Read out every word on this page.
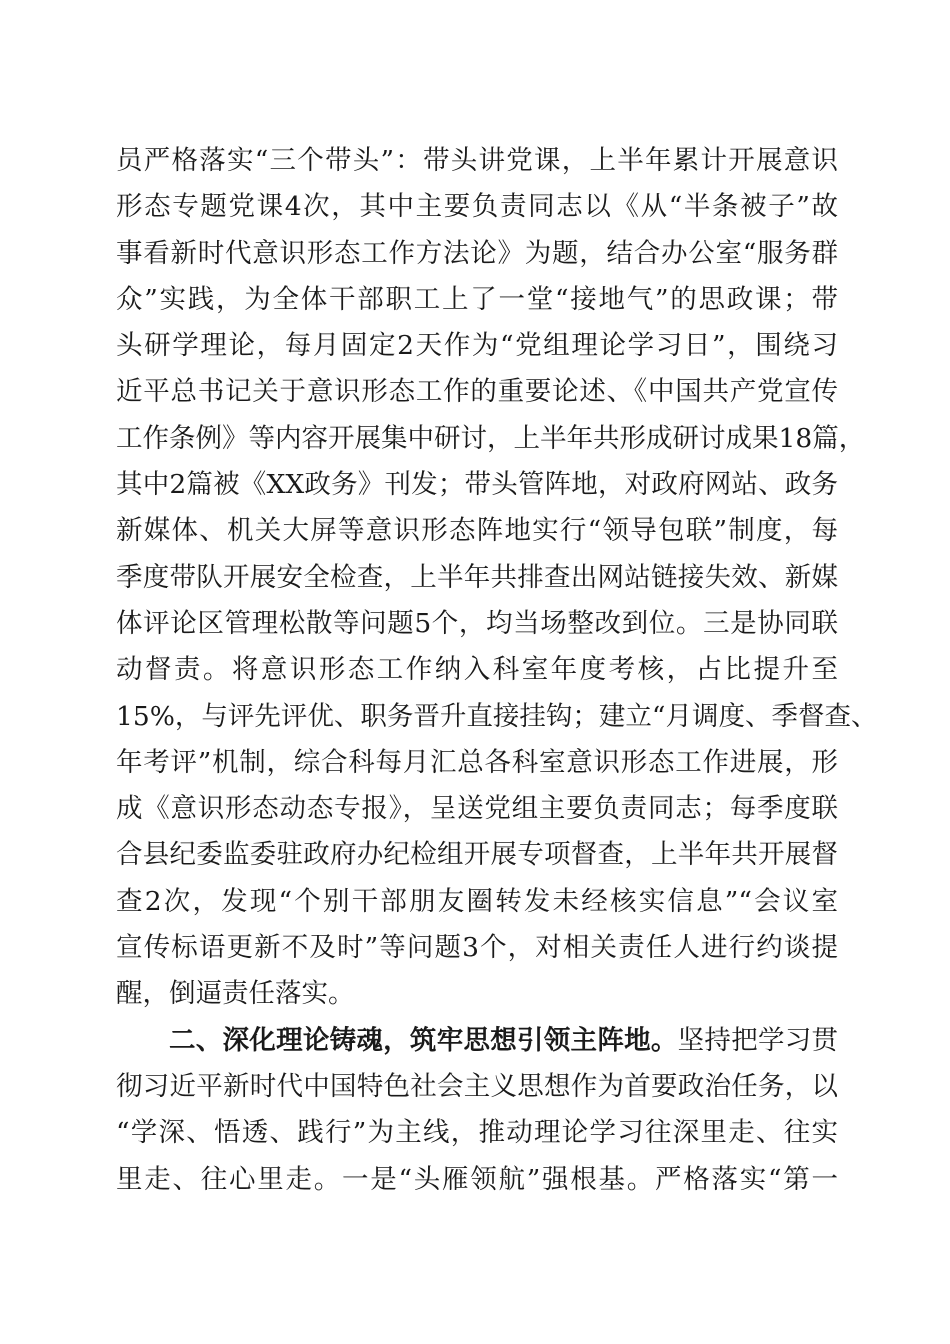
员严格落实“三个带头”：带头讲党课，上半年累计开展意识
形态专题党课4次，其中主要负责同志以《从“半条被子”故
事看新时代意识形态工作方法论》为题，结合办公室“服务群
众”实践，为全体干部职工上了一堂“接地气”的思政课；带
头研学理论，每月固定2天作为“党组理论学习日”，围绕习
近平总书记关于意识形态工作的重要论述、《中国共产党宣传
工作条例》等内容开展集中研讨，上半年共形成研讨成果18篇，
其中2篇被《XX政务》刊发；带头管阵地，对政府网站、政务
新媒体、机关大屏等意识形态阵地实行“领导包联”制度，每
季度带队开展安全检查，上半年共排查出网站链接失效、新媒
体评论区管理松散等问题5个，均当场整改到位。三是协同联
动督责。将意识形态工作纳入科室年度考核，占比提升至
15%，与评先评优、职务晋升直接挂钩；建立“月调度、季督查、
年考评”机制，综合科每月汇总各科室意识形态工作进展，形
成《意识形态动态专报》，呈送党组主要负责同志；每季度联
合县纪委监委驻政府办纪检组开展专项督查，上半年共开展督
查2次，发现“个别干部朋友圈转发未经核实信息”“会议室
宣传标语更新不及时”等问题3个，对相关责任人进行约谈提
醒，倒逼责任落实。
二、深化理论铸魂，筑牢思想引领主阵地。坚持把学习贯
彻习近平新时代中国特色社会主义思想作为首要政治任务，以
“学深、悟透、践行”为主线，推动理论学习往深里走、往实
里走、往心里走。一是“头雁领航”强根基。严格落实“第一
